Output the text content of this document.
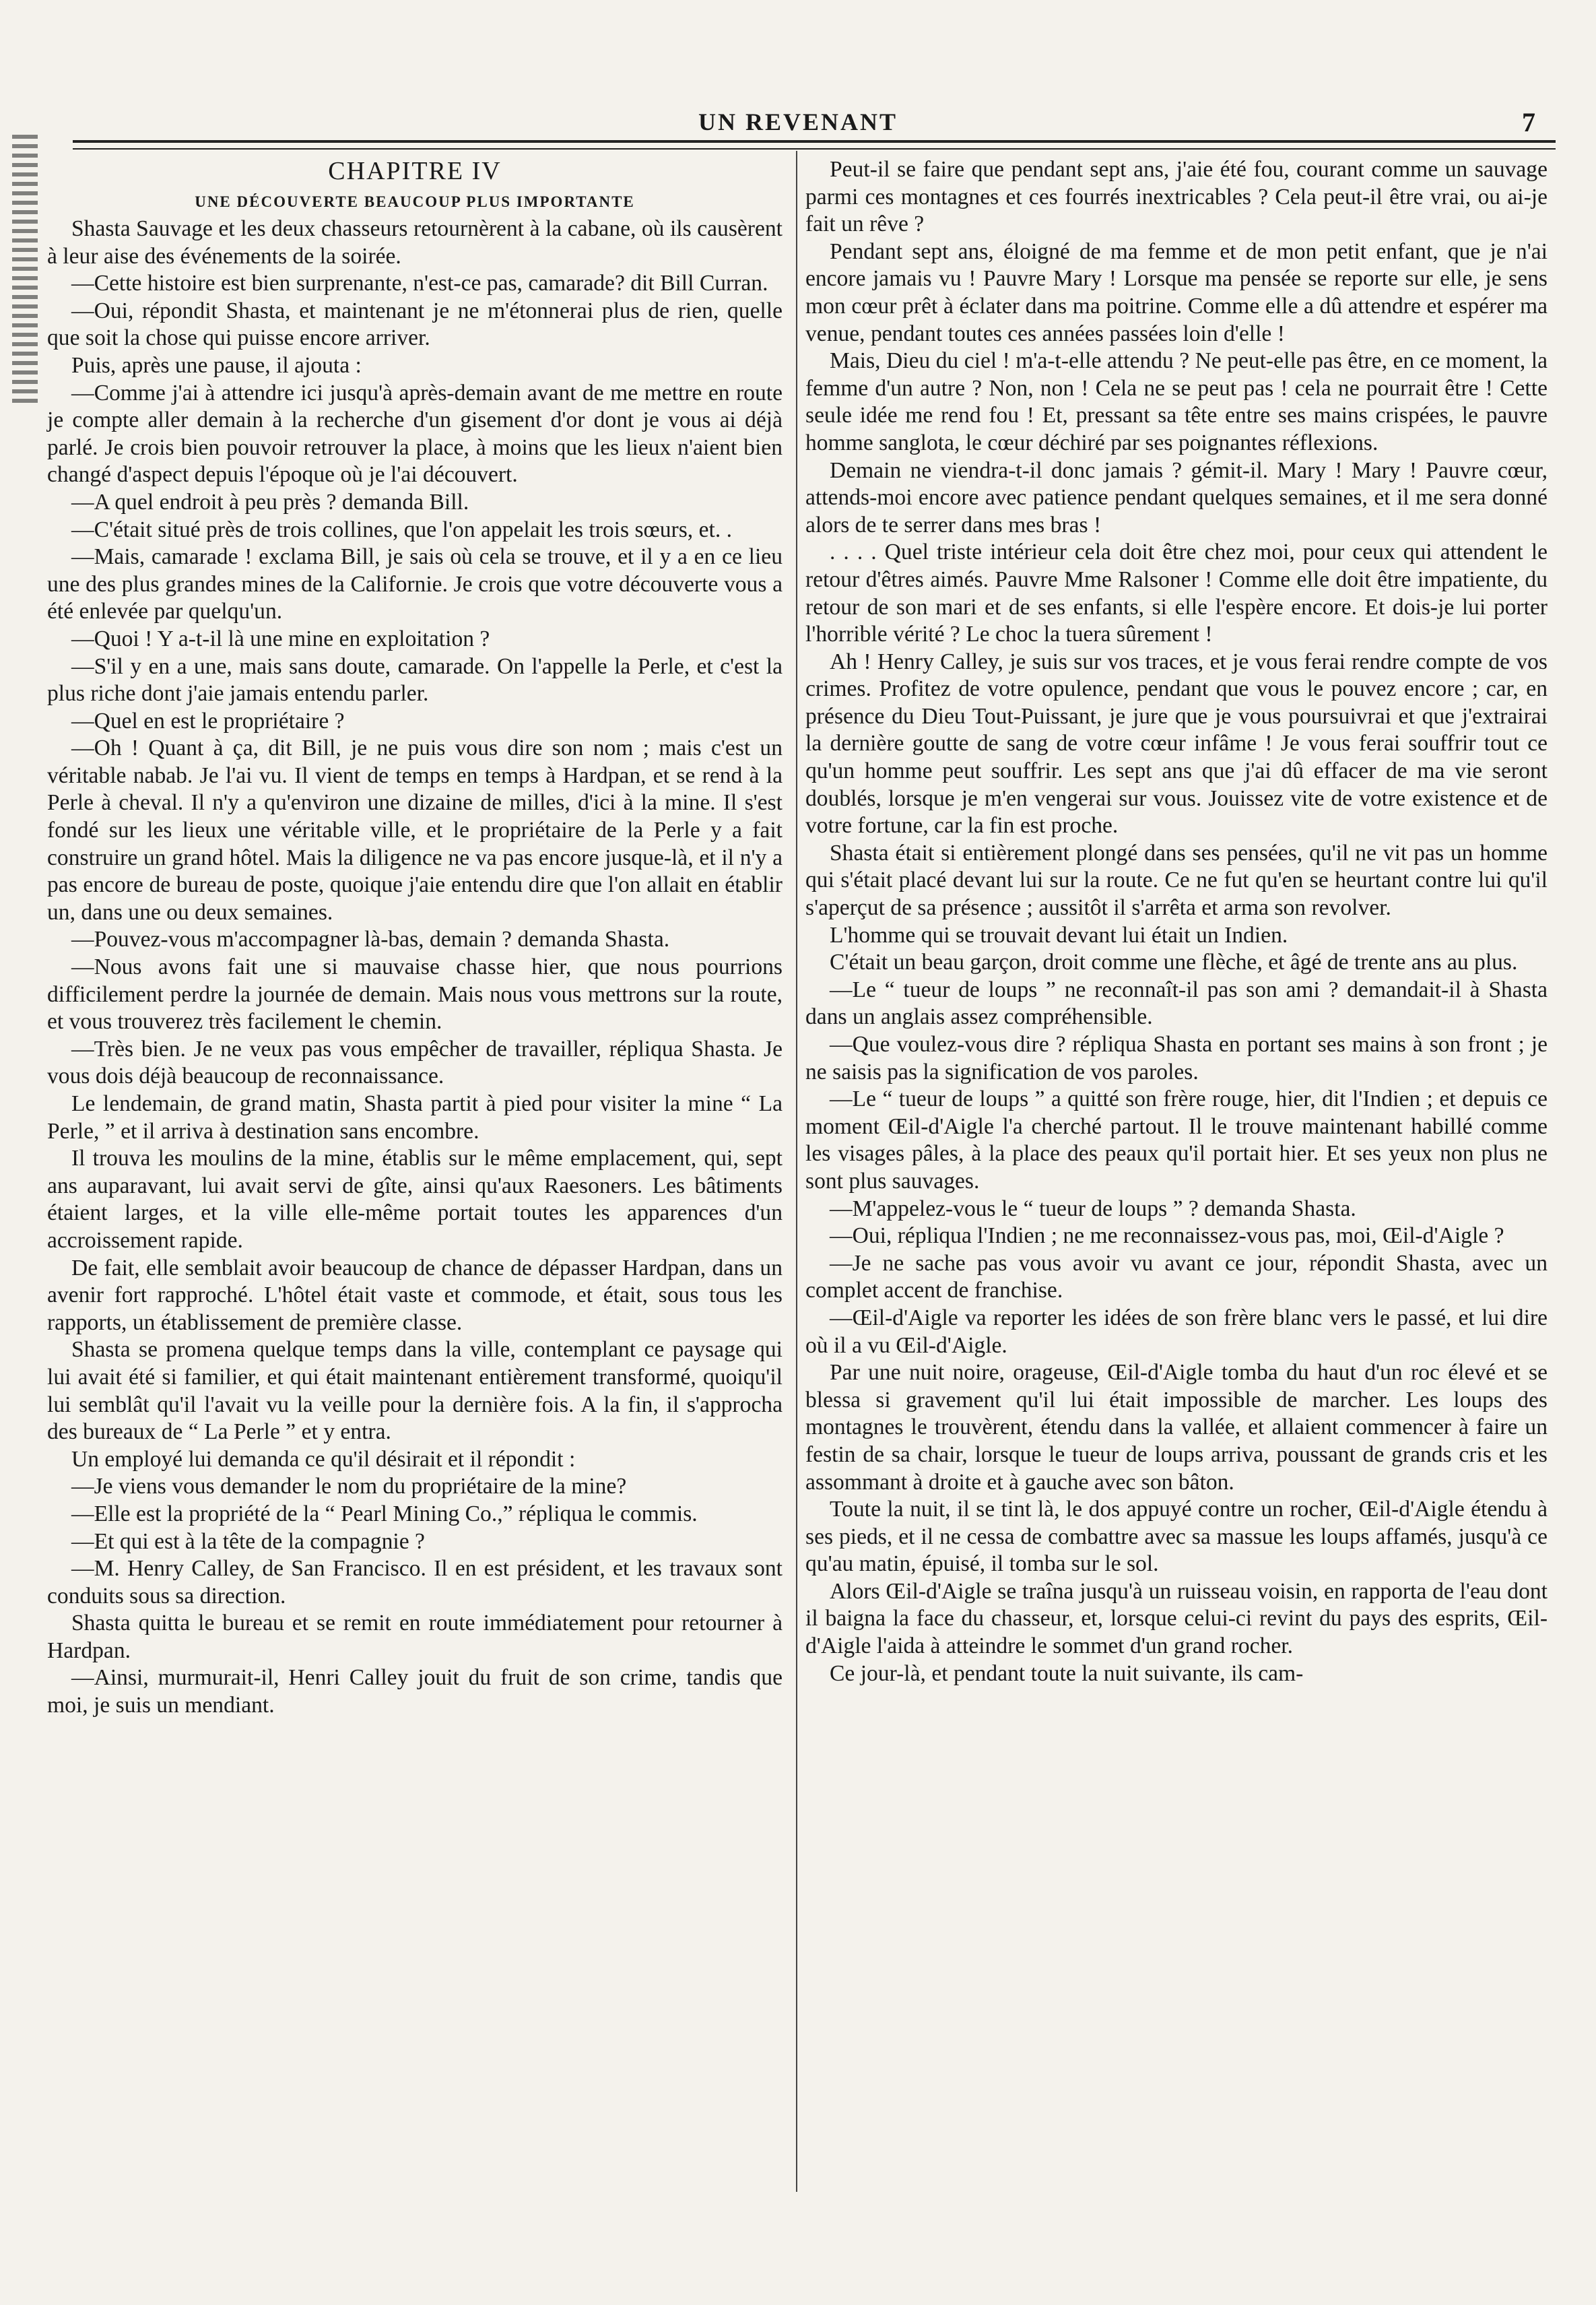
UN REVENANT	7
CHAPITRE IV
UNE DÉCOUVERTE BEAUCOUP PLUS IMPORTANTE

Shasta Sauvage et les deux chasseurs retournèrent à la cabane, où ils causèrent à leur aise des événements de la soirée.

—Cette histoire est bien surprenante, n'est-ce pas, camarade? dit Bill Curran.

—Oui, répondit Shasta, et maintenant je ne m'étonnerai plus de rien, quelle que soit la chose qui puisse encore arriver.

Puis, après une pause, il ajouta :

—Comme j'ai à attendre ici jusqu'à après-demain avant de me mettre en route je compte aller demain à la recherche d'un gisement d'or dont je vous ai déjà parlé. Je crois bien pouvoir retrouver la place, à moins que les lieux n'aient bien changé d'aspect depuis l'époque où je l'ai découvert.

—A quel endroit à peu près ? demanda Bill.

—C'était situé près de trois collines, que l'on appelait les trois sœurs, et. .

—Mais, camarade ! exclama Bill, je sais où cela se trouve, et il y a en ce lieu une des plus grandes mines de la Californie. Je crois que votre découverte vous a été enlevée par quelqu'un.

—Quoi ! Y a-t-il là une mine en exploitation ?

—S'il y en a une, mais sans doute, camarade. On l'appelle la Perle, et c'est la plus riche dont j'aie jamais entendu parler.

—Quel en est le propriétaire ?

—Oh ! Quant à ça, dit Bill, je ne puis vous dire son nom ; mais c'est un véritable nabab. Je l'ai vu. Il vient de temps en temps à Hardpan, et se rend à la Perle à cheval. Il n'y a qu'environ une dizaine de milles, d'ici à la mine. Il s'est fondé sur les lieux une véritable ville, et le propriétaire de la Perle y a fait construire un grand hôtel. Mais la diligence ne va pas encore jusque-là, et il n'y a pas encore de bureau de poste, quoique j'aie entendu dire que l'on allait en établir un, dans une ou deux semaines.

—Pouvez-vous m'accompagner là-bas, demain ? demanda Shasta.

—Nous avons fait une si mauvaise chasse hier, que nous pourrions difficilement perdre la journée de demain. Mais nous vous mettrons sur la route, et vous trouverez très facilement le chemin.

—Très bien. Je ne veux pas vous empêcher de travailler, répliqua Shasta. Je vous dois déjà beaucoup de reconnaissance.

Le lendemain, de grand matin, Shasta partit à pied pour visiter la mine “ La Perle, ” et il arriva à destination sans encombre.

Il trouva les moulins de la mine, établis sur le même emplacement, qui, sept ans auparavant, lui avait servi de gîte, ainsi qu'aux Raesoners. Les bâtiments étaient larges, et la ville elle-même portait toutes les apparences d'un accroissement rapide.

De fait, elle semblait avoir beaucoup de chance de dépasser Hardpan, dans un avenir fort rapproché. L'hôtel était vaste et commode, et était, sous tous les rapports, un établissement de première classe.

Shasta se promena quelque temps dans la ville, contemplant ce paysage qui lui avait été si familier, et qui était maintenant entièrement transformé, quoiqu'il lui semblât qu'il l'avait vu la veille pour la dernière fois. A la fin, il s'approcha des bureaux de “ La Perle ” et y entra.

Un employé lui demanda ce qu'il désirait et il répondit :

—Je viens vous demander le nom du propriétaire de la mine?

—Elle est la propriété de la “ Pearl Mining Co.,” répliqua le commis.

—Et qui est à la tête de la compagnie ?

—M. Henry Calley, de San Francisco. Il en est président, et les travaux sont conduits sous sa direction.

Shasta quitta le bureau et se remit en route immédiatement pour retourner à Hardpan.

—Ainsi, murmurait-il, Henri Calley jouit du fruit de son crime, tandis que moi, je suis un mendiant.

Peut-il se faire que pendant sept ans, j'aie été fou, courant comme un sauvage parmi ces montagnes et ces fourrés inextricables ? Cela peut-il être vrai, ou ai-je fait un rêve ?

Pendant sept ans, éloigné de ma femme et de mon petit enfant, que je n'ai encore jamais vu ! Pauvre Mary ! Lorsque ma pensée se reporte sur elle, je sens mon cœur prêt à éclater dans ma poitrine. Comme elle a dû attendre et espérer ma venue, pendant toutes ces années passées loin d'elle !

Mais, Dieu du ciel ! m'a-t-elle attendu ? Ne peut-elle pas être, en ce moment, la femme d'un autre ? Non, non ! Cela ne se peut pas ! cela ne pourrait être ! Cette seule idée me rend fou ! Et, pressant sa tête entre ses mains crispées, le pauvre homme sanglota, le cœur déchiré par ses poignantes réflexions.

Demain ne viendra-t-il donc jamais ? gémit-il. Mary ! Mary ! Pauvre cœur, attends-moi encore avec patience pendant quelques semaines, et il me sera donné alors de te serrer dans mes bras !

. . . . Quel triste intérieur cela doit être chez moi, pour ceux qui attendent le retour d'êtres aimés. Pauvre Mme Ralsoner ! Comme elle doit être impatiente, du retour de son mari et de ses enfants, si elle l'espère encore. Et dois-je lui porter l'horrible vérité ? Le choc la tuera sûrement !

Ah ! Henry Calley, je suis sur vos traces, et je vous ferai rendre compte de vos crimes. Profitez de votre opulence, pendant que vous le pouvez encore ; car, en présence du Dieu Tout-Puissant, je jure que je vous poursuivrai et que j'extrairai la dernière goutte de sang de votre cœur infâme ! Je vous ferai souffrir tout ce qu'un homme peut souffrir. Les sept ans que j'ai dû effacer de ma vie seront doublés, lorsque je m'en vengerai sur vous. Jouissez vite de votre existence et de votre fortune, car la fin est proche.

Shasta était si entièrement plongé dans ses pensées, qu'il ne vit pas un homme qui s'était placé devant lui sur la route. Ce ne fut qu'en se heurtant contre lui qu'il s'aperçut de sa présence ; aussitôt il s'arrêta et arma son revolver.

L'homme qui se trouvait devant lui était un Indien.

C'était un beau garçon, droit comme une flèche, et âgé de trente ans au plus.

—Le “ tueur de loups ” ne reconnaît-il pas son ami ? demandait-il à Shasta dans un anglais assez compréhensible.

—Que voulez-vous dire ? répliqua Shasta en portant ses mains à son front ; je ne saisis pas la signification de vos paroles.

—Le “ tueur de loups ” a quitté son frère rouge, hier, dit l'Indien ; et depuis ce moment Œil-d'Aigle l'a cherché partout. Il le trouve maintenant habillé comme les visages pâles, à la place des peaux qu'il portait hier. Et ses yeux non plus ne sont plus sauvages.

—M'appelez-vous le “ tueur de loups ” ? demanda Shasta.

—Oui, répliqua l'Indien ; ne me reconnaissez-vous pas, moi, Œil-d'Aigle ?

—Je ne sache pas vous avoir vu avant ce jour, répondit Shasta, avec un complet accent de franchise.

—Œil-d'Aigle va reporter les idées de son frère blanc vers le passé, et lui dire où il a vu Œil-d'Aigle.

Par une nuit noire, orageuse, Œil-d'Aigle tomba du haut d'un roc élevé et se blessa si gravement qu'il lui était impossible de marcher. Les loups des montagnes le trouvèrent, étendu dans la vallée, et allaient commencer à faire un festin de sa chair, lorsque le tueur de loups arriva, poussant de grands cris et les assommant à droite et à gauche avec son bâton.

Toute la nuit, il se tint là, le dos appuyé contre un rocher, Œil-d'Aigle étendu à ses pieds, et il ne cessa de combattre avec sa massue les loups affamés, jusqu'à ce qu'au matin, épuisé, il tomba sur le sol.

Alors Œil-d'Aigle se traîna jusqu'à un ruisseau voisin, en rapporta de l'eau dont il baigna la face du chasseur, et, lorsque celui-ci revint du pays des esprits, Œil-d'Aigle l'aida à atteindre le sommet d'un grand rocher.

Ce jour-là, et pendant toute la nuit suivante, ils cam-
